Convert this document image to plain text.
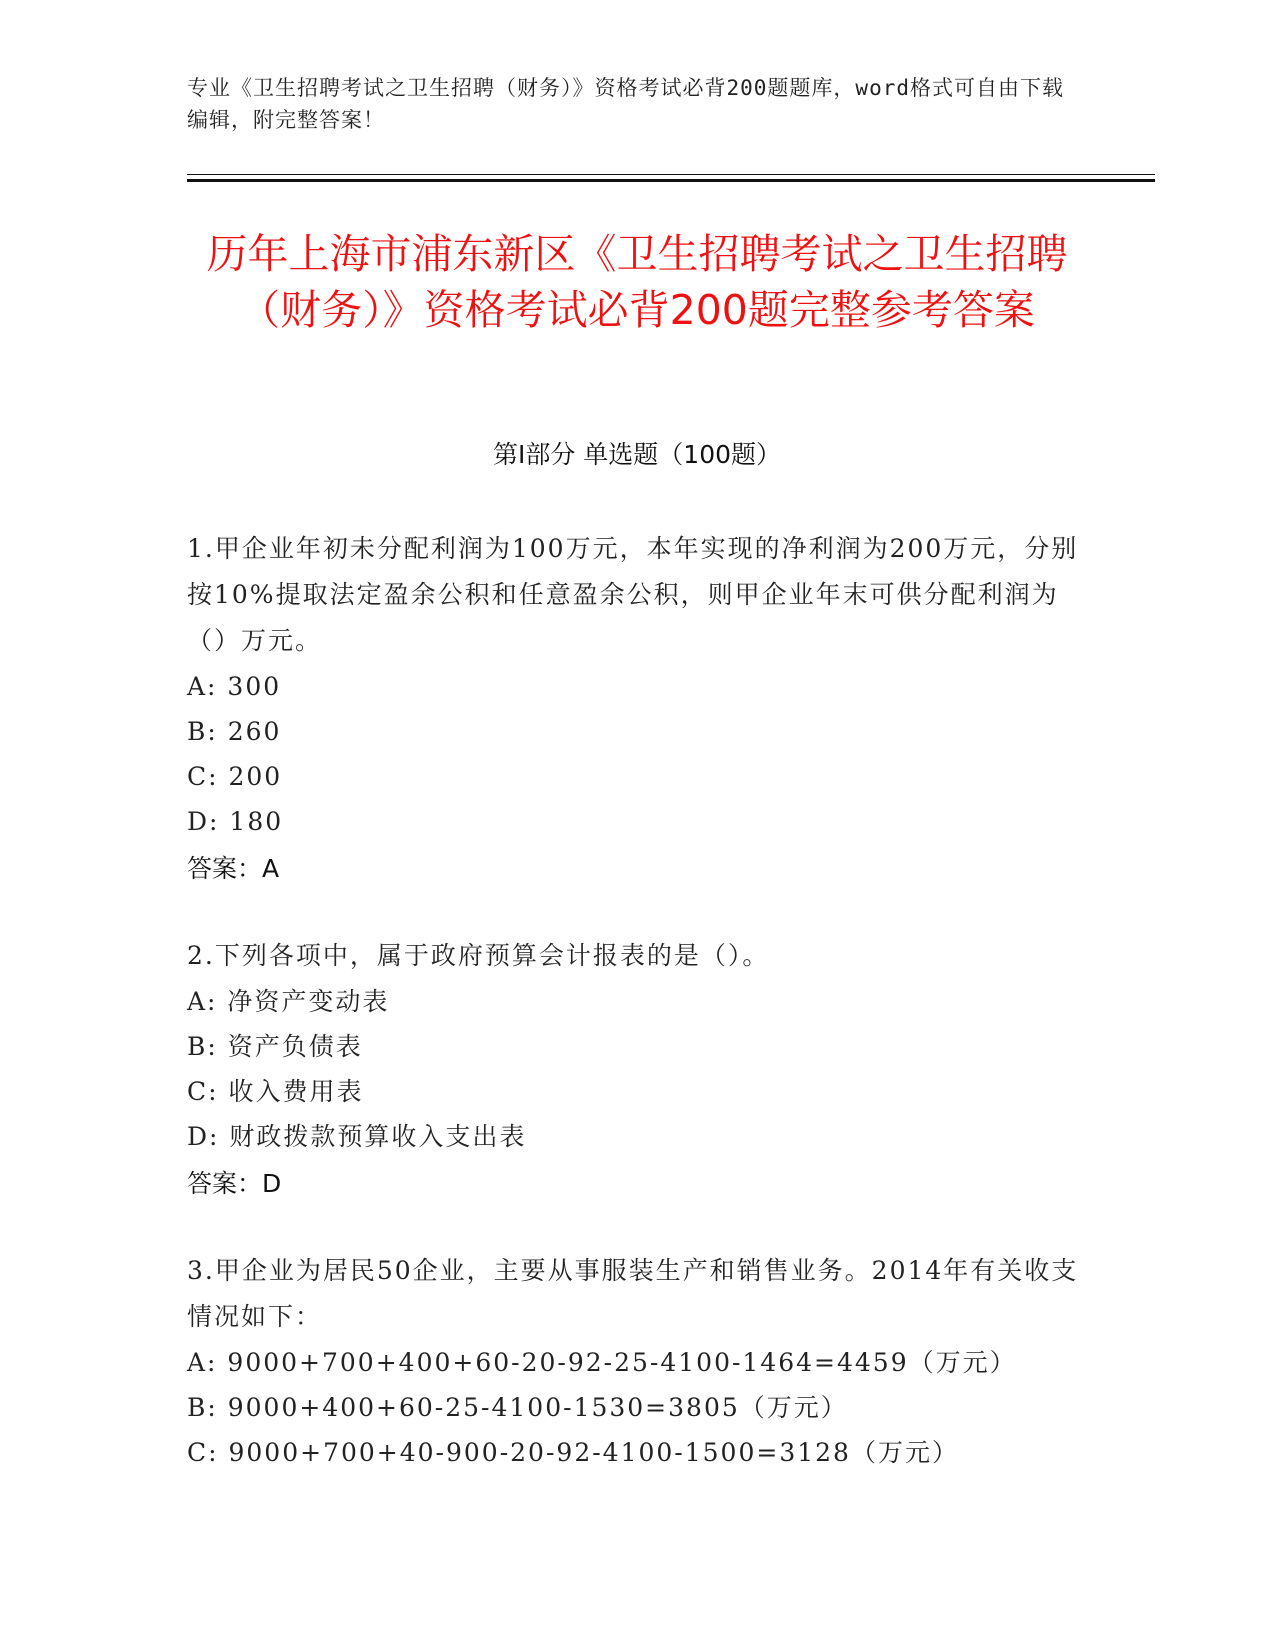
专业《卫生招聘考试之卫生招聘（财务）》资格考试必背200题题库，word格式可自由下载编辑，附完整答案！
历年上海市浦东新区《卫生招聘考试之卫生招聘（财务）》资格考试必背200题完整参考答案
第I部分 单选题（100题）
1.甲企业年初未分配利润为100万元，本年实现的净利润为200万元，分别按10%提取法定盈余公积和任意盈余公积，则甲企业年末可供分配利润为（）万元。
A: 300
B: 260
C: 200
D: 180
答案：A
2.下列各项中，属于政府预算会计报表的是（）。
A: 净资产变动表
B: 资产负债表
C: 收入费用表
D: 财政拨款预算收入支出表
答案：D
3.甲企业为居民50企业，主要从事服装生产和销售业务。2014年有关收支情况如下：
A: 9000+700+400+60-20-92-25-4100-1464=4459（万元）
B: 9000+400+60-25-4100-1530=3805（万元）
C: 9000+700+40-900-20-92-4100-1500=3128（万元）
